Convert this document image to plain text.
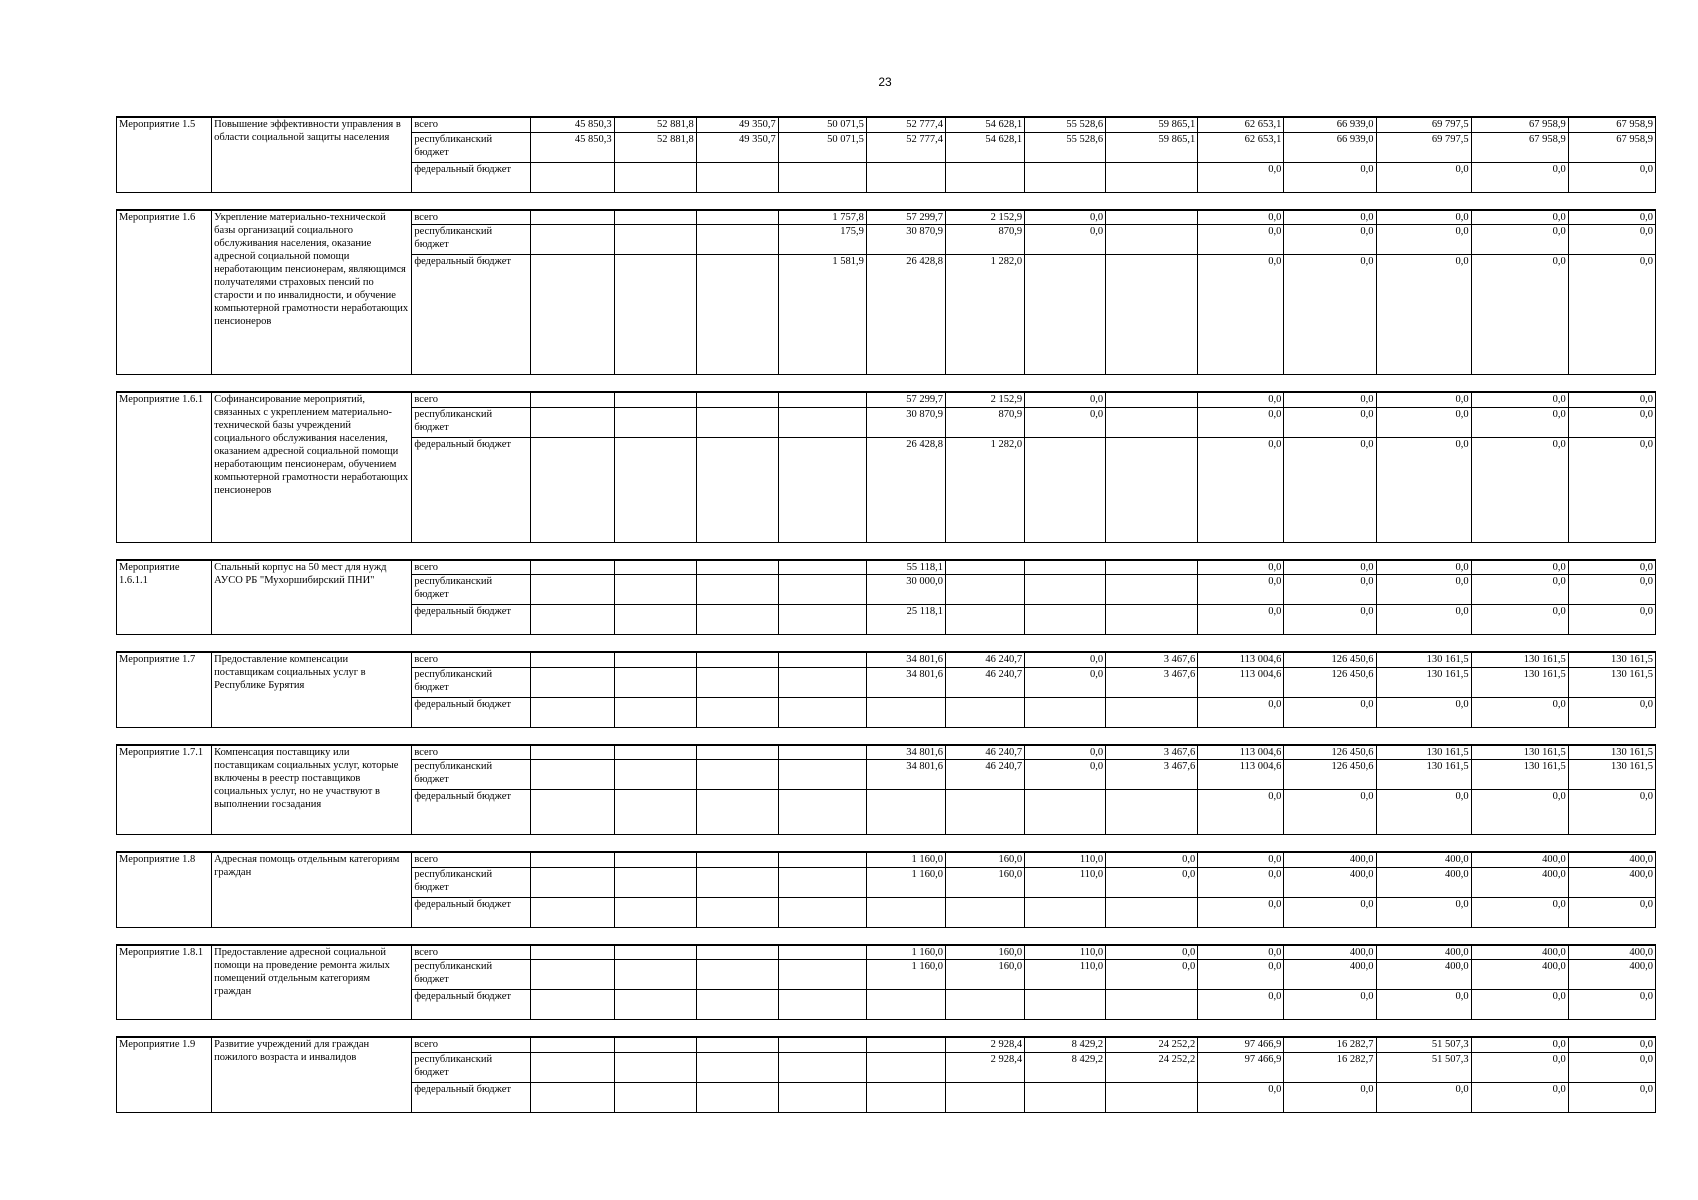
23
Мероприятие 1.5	Повышение эффективности управления в области социальной защиты населения	всего	45 850,3	52 881,8	49 350,7	50 071,5	52 777,4	54 628,1	55 528,6	59 865,1	62 653,1	66 939,0	69 797,5	67 958,9	67 958,9
		республиканский бюджет	45 850,3	52 881,8	49 350,7	50 071,5	52 777,4	54 628,1	55 528,6	59 865,1	62 653,1	66 939,0	69 797,5	67 958,9	67 958,9
		федеральный бюджет									0,0	0,0	0,0	0,0	0,0

Мероприятие 1.6	Укрепление материально-технической базы организаций социального обслуживания населения, оказание адресной социальной помощи неработающим пенсионерам, являющимся получателями страховых пенсий по старости и по инвалидности, и обучение компьютерной грамотности неработающих пенсионеров	всего				1 757,8	57 299,7	2 152,9	0,0		0,0	0,0	0,0	0,0	0,0
		республиканский бюджет				175,9	30 870,9	870,9	0,0		0,0	0,0	0,0	0,0	0,0
		федеральный бюджет				1 581,9	26 428,8	1 282,0			0,0	0,0	0,0	0,0	0,0

Мероприятие 1.6.1	Софинансирование мероприятий, связанных с укреплением материально-технической базы учреждений социального обслуживания населения, оказанием адресной социальной помощи неработающим пенсионерам, обучением компьютерной грамотности неработающих пенсионеров	всего					57 299,7	2 152,9	0,0		0,0	0,0	0,0	0,0	0,0
		республиканский бюджет					30 870,9	870,9	0,0		0,0	0,0	0,0	0,0	0,0
		федеральный бюджет					26 428,8	1 282,0			0,0	0,0	0,0	0,0	0,0

Мероприятие 1.6.1.1	Спальный корпус на 50 мест для нужд АУСО РБ "Мухоршибирский ПНИ"	всего					55 118,1				0,0	0,0	0,0	0,0	0,0
		республиканский бюджет					30 000,0				0,0	0,0	0,0	0,0	0,0
		федеральный бюджет					25 118,1				0,0	0,0	0,0	0,0	0,0

Мероприятие 1.7	Предоставление компенсации поставщикам социальных услуг в Республике Бурятия	всего					34 801,6	46 240,7	0,0	3 467,6	113 004,6	126 450,6	130 161,5	130 161,5	130 161,5
		республиканский бюджет					34 801,6	46 240,7	0,0	3 467,6	113 004,6	126 450,6	130 161,5	130 161,5	130 161,5
		федеральный бюджет									0,0	0,0	0,0	0,0	0,0

Мероприятие 1.7.1	Компенсация поставщику или поставщикам социальных услуг, которые включены в реестр поставщиков социальных услуг, но не участвуют в выполнении госзадания	всего					34 801,6	46 240,7	0,0	3 467,6	113 004,6	126 450,6	130 161,5	130 161,5	130 161,5
		республиканский бюджет					34 801,6	46 240,7	0,0	3 467,6	113 004,6	126 450,6	130 161,5	130 161,5	130 161,5
		федеральный бюджет									0,0	0,0	0,0	0,0	0,0

Мероприятие 1.8	Адресная помощь отдельным категориям граждан	всего					1 160,0	160,0	110,0	0,0	0,0	400,0	400,0	400,0	400,0
		республиканский бюджет					1 160,0	160,0	110,0	0,0	0,0	400,0	400,0	400,0	400,0
		федеральный бюджет									0,0	0,0	0,0	0,0	0,0

Мероприятие 1.8.1	Предоставление адресной социальной помощи на проведение ремонта жилых помещений отдельным категориям граждан	всего					1 160,0	160,0	110,0	0,0	0,0	400,0	400,0	400,0	400,0
		республиканский бюджет					1 160,0	160,0	110,0	0,0	0,0	400,0	400,0	400,0	400,0
		федеральный бюджет									0,0	0,0	0,0	0,0	0,0

Мероприятие 1.9	Развитие учреждений для граждан пожилого возраста и инвалидов	всего						2 928,4	8 429,2	24 252,2	97 466,9	16 282,7	51 507,3	0,0	0,0
		республиканский бюджет						2 928,4	8 429,2	24 252,2	97 466,9	16 282,7	51 507,3	0,0	0,0
		федеральный бюджет									0,0	0,0	0,0	0,0	0,0
